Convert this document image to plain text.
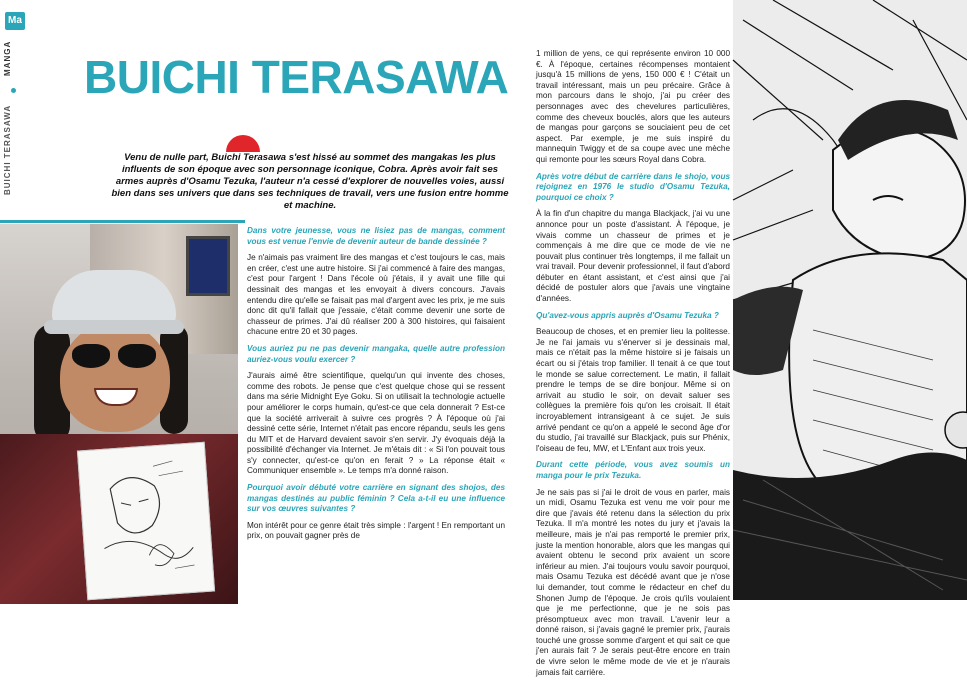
Ma
MANGA
BUICHI TERASAWA
BUICHI TERASAWA

Venu de nulle part, Buichi Terasawa s'est hissé au sommet des mangakas les plus influents de son époque avec son personnage iconique, Cobra. Après avoir fait ses armes auprès d'Osamu Tezuka, l'auteur n'a cessé d'explorer de nouvelles voies, aussi bien dans ses univers que dans ses techniques de travail, vers une fusion entre homme et machine.

Dans votre jeunesse, vous ne lisiez pas de mangas, comment vous est venue l'envie de devenir auteur de bande dessinée ?

Je n'aimais pas vraiment lire des mangas et c'est toujours le cas, mais en créer, c'est une autre histoire. Si j'ai commencé à faire des mangas, c'est pour l'argent ! Dans l'école où j'étais, il y avait une fille qui dessinait des mangas et les envoyait à divers concours. J'avais entendu dire qu'elle se faisait pas mal d'argent avec les prix, je me suis donc dit qu'il fallait que j'essaie, c'était comme devenir une sorte de chasseur de primes. J'ai dû réaliser 200 à 300 histoires, qui faisaient chacune entre 20 et 30 pages.

Vous auriez pu ne pas devenir mangaka, quelle autre profession auriez-vous voulu exercer ?

J'aurais aimé être scientifique, quelqu'un qui invente des choses, comme des robots. Je pense que c'est quelque chose qui se ressent dans ma série Midnight Eye Goku. Si on utilisait la technologie actuelle pour améliorer le corps humain, qu'est-ce que cela donnerait ? Est-ce que la société arriverait à suivre ces progrès ? À l'époque où j'ai dessiné cette série, Internet n'était pas encore répandu, seuls les gens du MIT et de Harvard devaient savoir s'en servir. J'y évoquais déjà la possibilité d'échanger via Internet. Je m'étais dit : « Si l'on pouvait tous s'y connecter, qu'est-ce qu'on en ferait ? » La réponse était « Communiquer ensemble ». Le temps m'a donné raison.

Pourquoi avoir débuté votre carrière en signant des shojos, des mangas destinés au public féminin ? Cela a-t-il eu une influence sur vos œuvres suivantes ?

Mon intérêt pour ce genre était très simple : l'argent ! En remportant un prix, on pouvait gagner près de

1 million de yens, ce qui représente environ 10 000 €. À l'époque, certaines récompenses montaient jusqu'à 15 millions de yens, 150 000 € ! C'était un travail intéressant, mais un peu précaire. Grâce à mon parcours dans le shojo, j'ai pu créer des personnages avec des chevelures particulières, comme des cheveux bouclés, alors que les auteurs de mangas pour garçons se souciaient peu de cet aspect. Par exemple, je me suis inspiré du mannequin Twiggy et de sa coupe avec une mèche qui remonte pour les sœurs Royal dans Cobra.

Après votre début de carrière dans le shojo, vous rejoignez en 1976 le studio d'Osamu Tezuka, pourquoi ce choix ?

À la fin d'un chapitre du manga Blackjack, j'ai vu une annonce pour un poste d'assistant. À l'époque, je vivais comme un chasseur de primes et je commençais à me dire que ce mode de vie ne pouvait plus continuer très longtemps, il me fallait un vrai travail. Pour devenir professionnel, il faut d'abord débuter en étant assistant, et c'est ainsi que j'ai décidé de postuler alors que j'avais une vingtaine d'années.

Qu'avez-vous appris auprès d'Osamu Tezuka ?

Beaucoup de choses, et en premier lieu la politesse. Je ne l'ai jamais vu s'énerver si je dessinais mal, mais ce n'était pas la même histoire si je faisais un écart ou si j'étais trop familier. Il tenait à ce que tout le monde se salue correctement. Le matin, il fallait prendre le temps de se dire bonjour. Même si on arrivait au studio le soir, on devait saluer ses collègues la première fois qu'on les croisait. Il était incroyablement intransigeant à ce sujet. Je suis arrivé pendant ce qu'on a appelé le second âge d'or du studio, j'ai travaillé sur Blackjack, puis sur Phénix, l'oiseau de feu, MW, et L'Enfant aux trois yeux.

Durant cette période, vous avez soumis un manga pour le prix Tezuka.

Je ne sais pas si j'ai le droit de vous en parler, mais un midi, Osamu Tezuka est venu me voir pour me dire que j'avais été retenu dans la sélection du prix Tezuka. Il m'a montré les notes du jury et j'avais la meilleure, mais je n'ai pas remporté le premier prix, juste la mention honorable, alors que les mangas qui avaient obtenu le second prix avaient un score inférieur au mien. J'ai toujours voulu savoir pourquoi, mais Osamu Tezuka est décédé avant que je n'ose lui demander, tout comme le rédacteur en chef du Shonen Jump de l'époque. Je crois qu'ils voulaient que je me perfectionne, que je ne sois pas présomptueux avec mon travail. L'avenir leur a donné raison, si j'avais gagné le premier prix, j'aurais touché une grosse somme d'argent et qui sait ce que j'en aurais fait ? Je serais peut-être encore en train de vivre selon le même mode de vie et je n'aurais jamais fait carrière.
